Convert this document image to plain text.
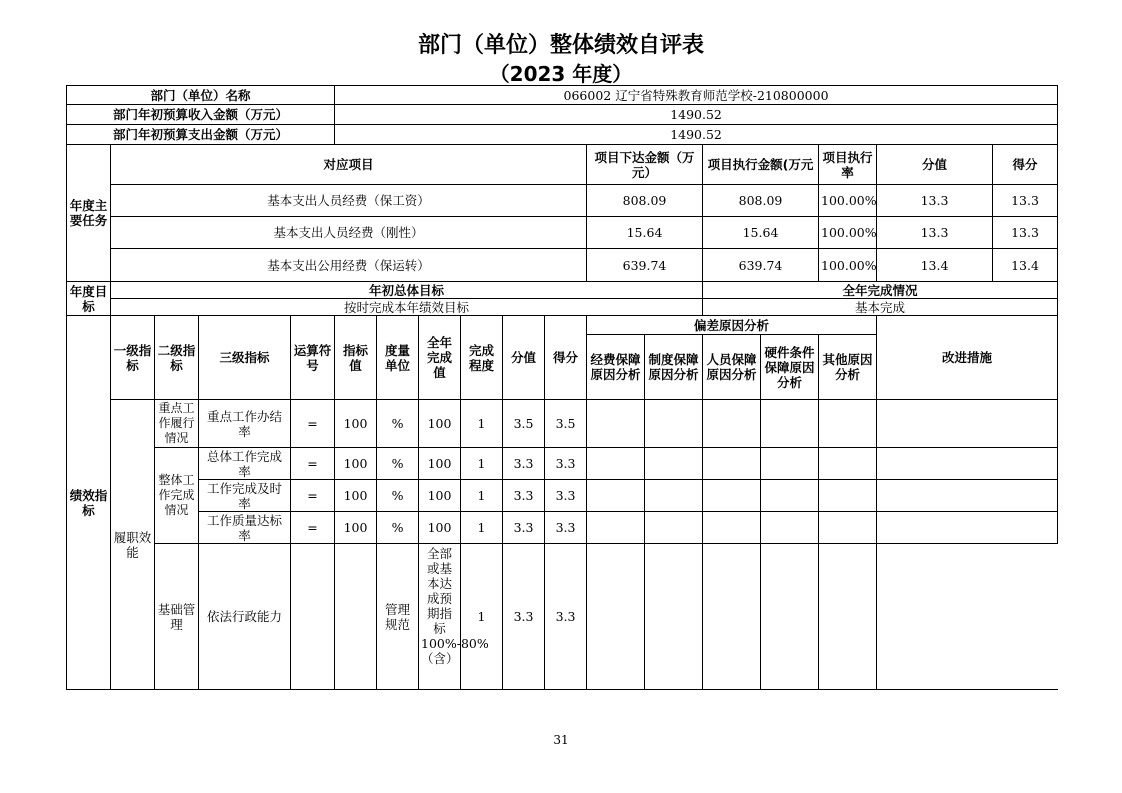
部门（单位）整体绩效自评表
（2023 年度）
部门（单位）名称					066002 辽宁省特殊教育师范学校-210800000												
部门年初预算收入金额（万元）					1490.52												
部门年初预算支出金额（万元）					1490.52												
年度主要任务	对应项目										项目下达金额（万元）		项目执行金额(万元		项目执行率	分值	得分
	基本支出人员经费（保工资）										808.09		808.09		100.00%	13.3	13.3
	基本支出人员经费（刚性）										15.64		15.64		100.00%	13.3	13.3
	基本支出公用经费（保运转）										639.74		639.74		100.00%	13.4	13.4
年度目标	年初总体目标												全年完成情况				
	按时完成本年绩效目标												基本完成				
绩效指标	一级指标	二级指标	三级指标	运算符号	指标值	度量单位	全年完成值	完成程度	分值	得分	偏差原因分析					改进措施	
											经费保障原因分析	制度保障原因分析	人员保障原因分析	硬件条件保障原因分析	其他原因分析		
	履职效能	重点工作履行情况	重点工作办结率	=	100	%	100	1	3.5	3.5							
		整体工作完成情况	总体工作完成率	=	100	%	100	1	3.3	3.3							
			工作完成及时率	=	100	%	100	1	3.3	3.3							
			工作质量达标率	=	100	%	100	1	3.3	3.3							
		基础管理	依法行政能力			管理规范	全部或基本达成预期指标100%-80%（含）	1	3.3	3.3							
31
